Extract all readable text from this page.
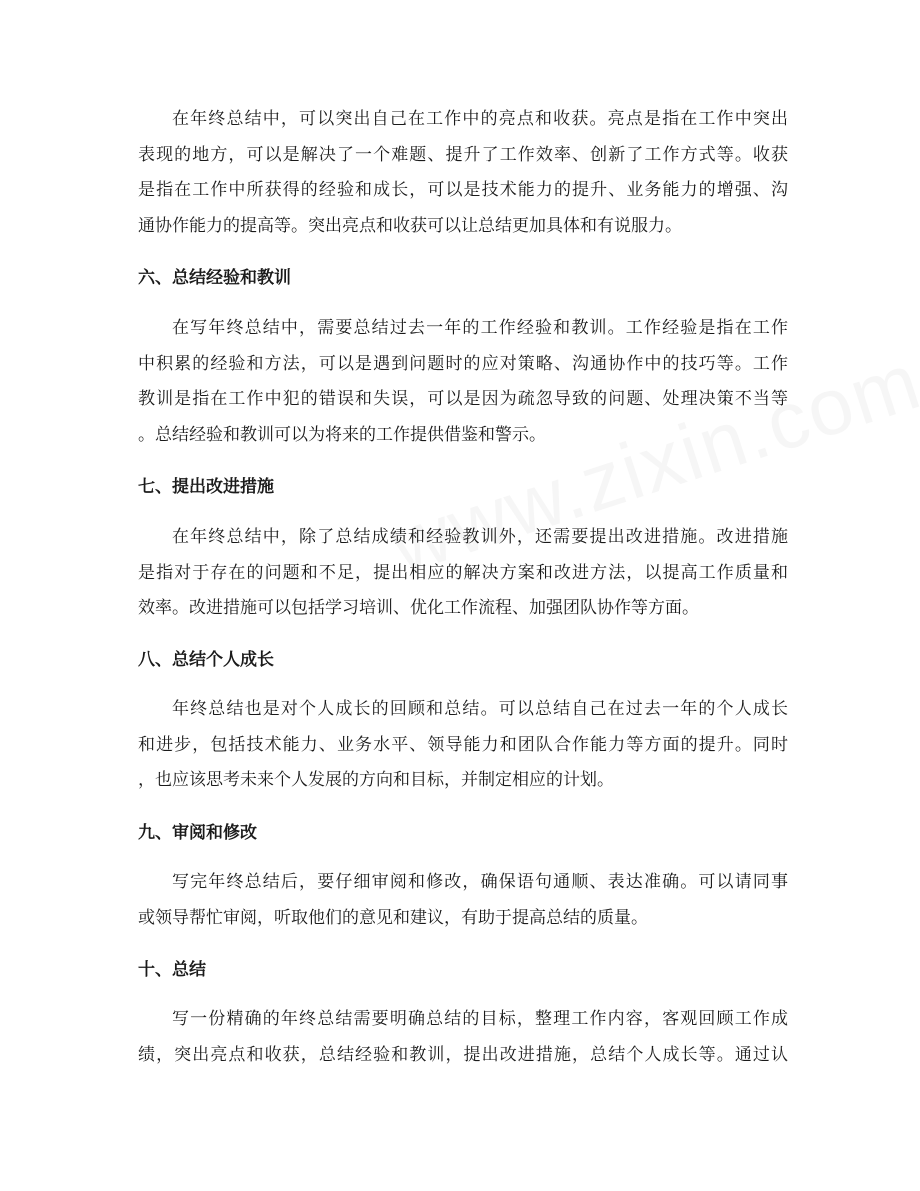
在年终总结中，可以突出自己在工作中的亮点和收获。亮点是指在工作中突出
表现的地方，可以是解决了一个难题、提升了工作效率、创新了工作方式等。收获
是指在工作中所获得的经验和成长，可以是技术能力的提升、业务能力的增强、沟
通协作能力的提高等。突出亮点和收获可以让总结更加具体和有说服力。
六、总结经验和教训
在写年终总结中，需要总结过去一年的工作经验和教训。工作经验是指在工作
中积累的经验和方法，可以是遇到问题时的应对策略、沟通协作中的技巧等。工作
教训是指在工作中犯的错误和失误，可以是因为疏忽导致的问题、处理决策不当等
。总结经验和教训可以为将来的工作提供借鉴和警示。
七、提出改进措施
在年终总结中，除了总结成绩和经验教训外，还需要提出改进措施。改进措施
是指对于存在的问题和不足，提出相应的解决方案和改进方法，以提高工作质量和
效率。改进措施可以包括学习培训、优化工作流程、加强团队协作等方面。
八、总结个人成长
年终总结也是对个人成长的回顾和总结。可以总结自己在过去一年的个人成长
和进步，包括技术能力、业务水平、领导能力和团队合作能力等方面的提升。同时
，也应该思考未来个人发展的方向和目标，并制定相应的计划。
九、审阅和修改
写完年终总结后，要仔细审阅和修改，确保语句通顺、表达准确。可以请同事
或领导帮忙审阅，听取他们的意见和建议，有助于提高总结的质量。
十、总结
写一份精确的年终总结需要明确总结的目标，整理工作内容，客观回顾工作成
绩，突出亮点和收获，总结经验和教训，提出改进措施，总结个人成长等。通过认
